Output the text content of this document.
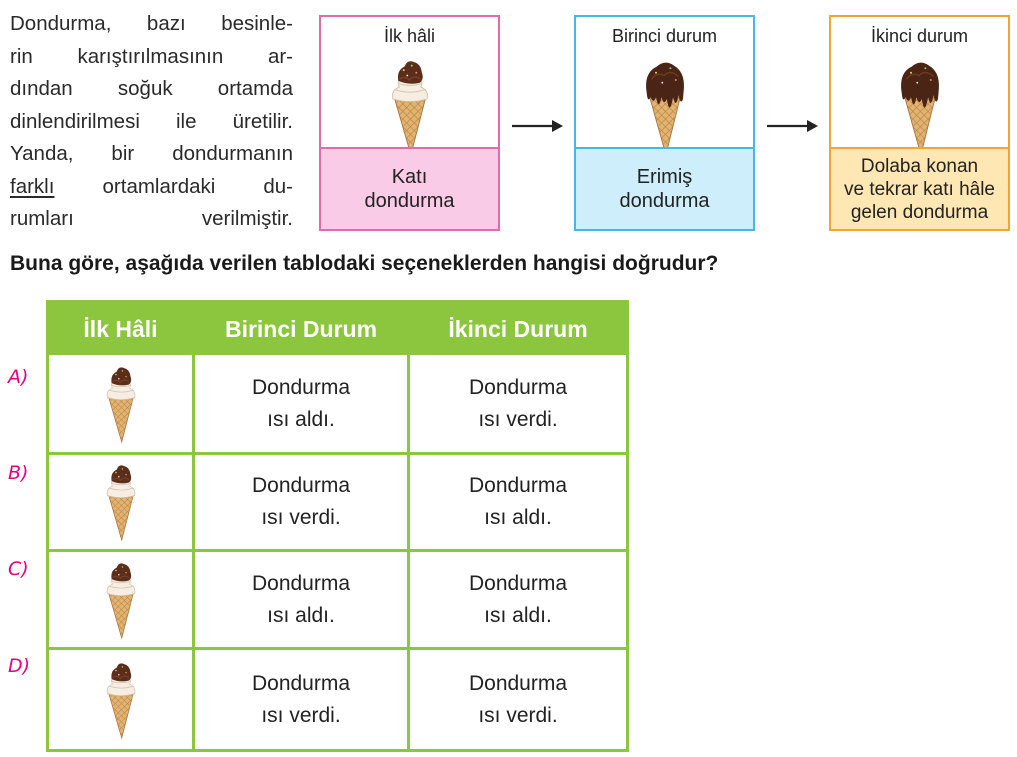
Dondurma, bazı besinle-
rin karıştırılmasının ar-
dından soğuk ortamda
dinlendirilmesi ile üretilir.
Yanda, bir dondurmanın
farklı ortamlardaki du-
rumları verilmiştir.
İlk hâli
Katı
dondurma
Birinci durum
Erimiş
dondurma
İkinci durum
Dolaba konan
ve tekrar katı hâle
gelen dondurma
Buna göre, aşağıda verilen tablodaki seçeneklerden hangisi doğrudur?
A)
B)
C)
D)
İlk Hâli	Birinci Durum	İkinci Durum
Dondurma
ısı aldı.
Dondurma
ısı verdi.
Dondurma
ısı verdi.
Dondurma
ısı aldı.
Dondurma
ısı aldı.
Dondurma
ısı aldı.
Dondurma
ısı verdi.
Dondurma
ısı verdi.
